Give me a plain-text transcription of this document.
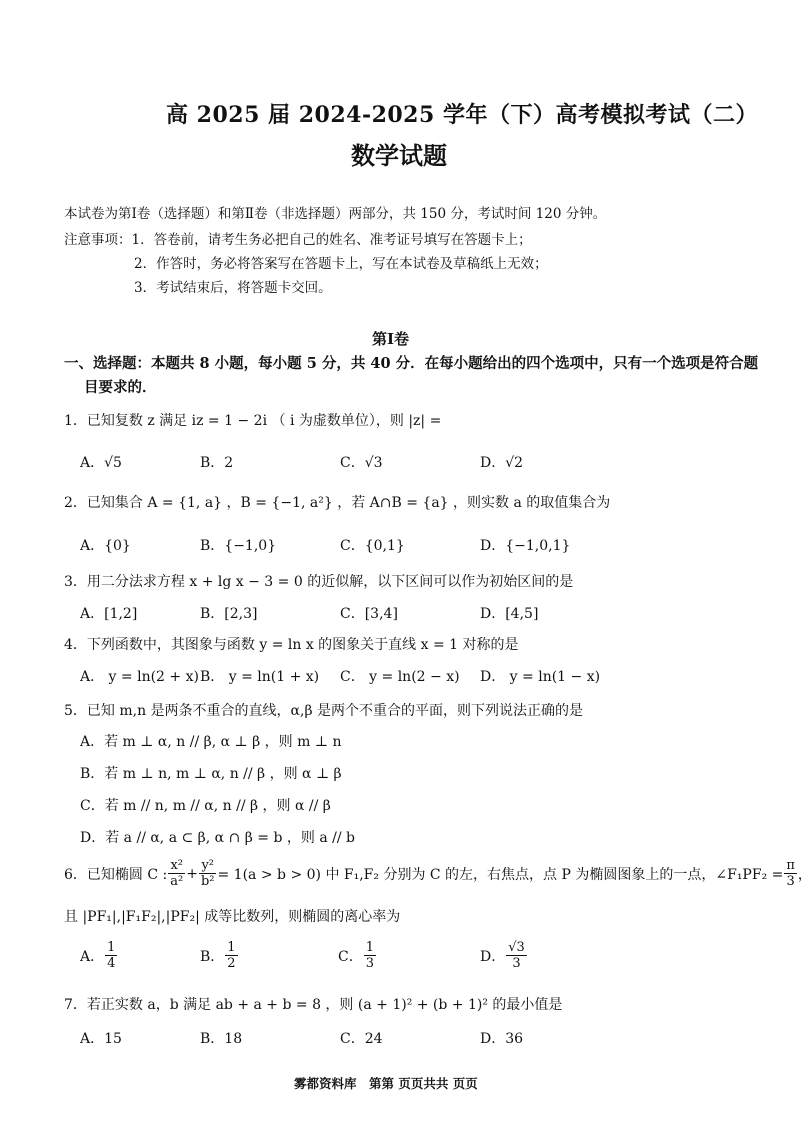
高 2025 届 2024-2025 学年（下）高考模拟考试（二）
数学试题
本试卷为第Ⅰ卷（选择题）和第Ⅱ卷（非选择题）两部分，共 150 分，考试时间 120 分钟。
注意事项：1．答卷前，请考生务必把自己的姓名、准考证号填写在答题卡上；
2．作答时，务必将答案写在答题卡上，写在本试卷及草稿纸上无效；
3．考试结束后，将答题卡交回。
第Ⅰ卷
一、选择题：本题共 8 小题，每小题 5 分，共 40 分．在每小题给出的四个选项中，只有一个选项是符合题
目要求的．
1．已知复数 z 满足 iz = 1 − 2i （ i 为虚数单位），则 |z| =
A．√5	B．2	C．√3	D．√2
2．已知集合 A = {1, a} ，B = {−1, a²} ，若 A∩B = {a} ，则实数 a 的取值集合为
A．{0}	B．{−1,0}	C．{0,1}	D．{−1,0,1}
3．用二分法求方程 x + lg x − 3 = 0 的近似解，以下区间可以作为初始区间的是
A．[1,2]	B．[2,3]	C．[3,4]	D．[4,5]
4．下列函数中，其图象与函数 y = ln x 的图象关于直线 x = 1 对称的是
A． y = ln(2 + x) B． y = ln(1 + x) C． y = ln(2 − x) D． y = ln(1 − x)
5．已知 m,n 是两条不重合的直线，α,β 是两个不重合的平面，则下列说法正确的是
A．若 m ⊥ α, n // β, α ⊥ β ，则 m ⊥ n
B．若 m ⊥ n, m ⊥ α, n // β ，则 α ⊥ β
C．若 m // n, m // α, n // β ，则 α // β
D．若 a // α, a ⊂ β, α ∩ β = b ，则 a // b
6．已知椭圆 C : $\frac{\text{x²}}{\text{a²}} + \frac{\text{y²}}{\text{b²}} = 1(a > b > 0)$ 中 F₁,F₂ 分别为 C 的左，右焦点，点 P 为椭圆图象上的一点，∠F₁PF₂ = $\frac{\pi}{3}$ ，
且 |PF₁|,|F₁F₂|,|PF₂| 成等比数列，则椭圆的离心率为
A． $\frac{1}{4}$	B． $\frac{1}{2}$	C． $\frac{1}{3}$	D． $\frac{√3}{3}$
7．若正实数 a，b 满足 ab + a + b = 8 ，则 (a + 1)² + (b + 1)² 的最小值是
A．15	B．18	C．24	D．36
雾都资料库　第第 页页共共 页页
